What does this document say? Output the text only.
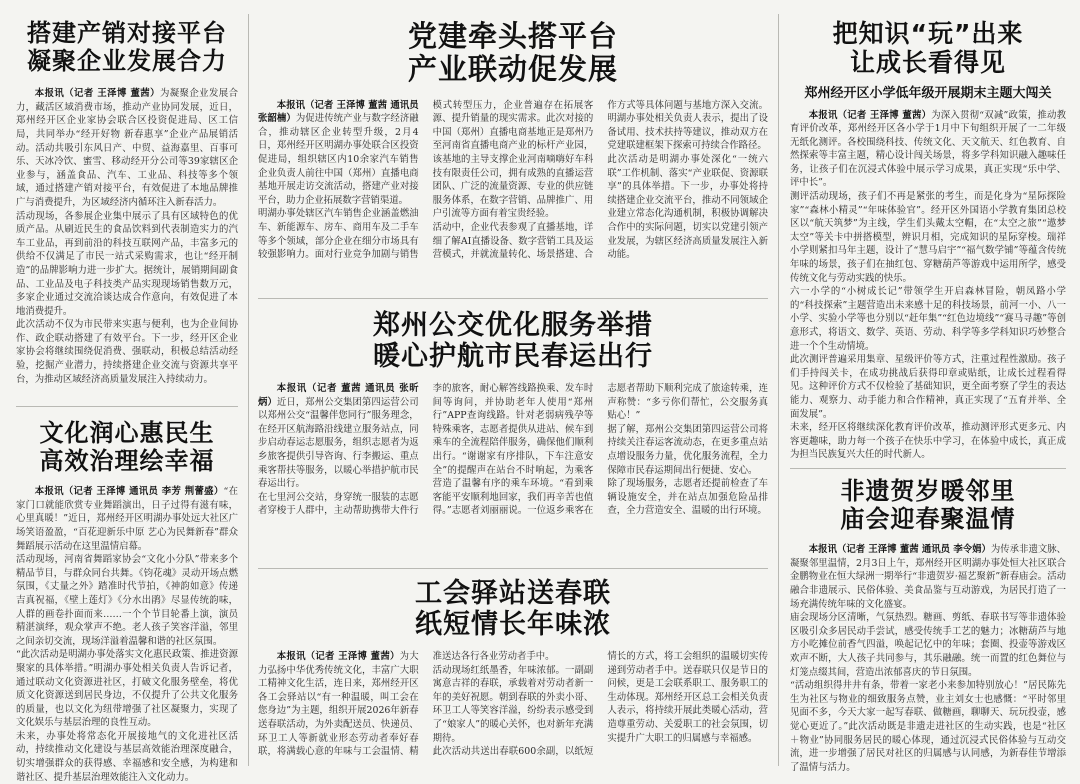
搭建产销对接平台
凝聚企业发展合力

本报讯（记者 王泽博 董茜）为凝聚企业发展合力，藏活区域消费市场，推动产业协同发展，近日，郑州经开区企业家协会联合区投资促进局、区工信局，共同举办“经开好物 新春惠享”企业产品展销活动。活动共吸引东风日产、中贸、益海嘉里、百事可乐、天冰冷饮、蜜雪、移动经开分公司等39家辖区企业参与，涵盖食品、汽车、工业品、科技等多个领域，通过搭建产销对接平台，有效促进了本地品牌推广与消费提升，为区域经济内循环注入新春活力。
活动现场，各参展企业集中展示了具有区域特色的优质产品。从刷近民生的食品饮料到代表制造实力的汽车工业品，再到前沿的科技互联网产品，丰富多元的供给不仅满足了市民一站式采购需求，也让“经开制造”的品牌影响力进一步扩大。据统计，展销期间副食品、工业品及电子科技类产品实现现场销售数万元，多家企业通过交流洽谈达成合作意向，有效促进了本地消费提升。
此次活动不仅为市民带来实惠与便利，也为企业间协作、政企联动搭建了有效平台。下一步，经开区企业家协会将继续围绕促消费、强联动，积极总结活动经验，挖掘产业潜力，持续搭建企业交流与资源共享平台，为推动区域经济高质量发展注入持续动力。

文化润心惠民生
高效治理绘幸福

本报讯（记者 王泽博 通讯员 李芳 荆蕾盛）“在家门口就能欣赏专业舞蹈演出，日子过得有滋有味，心里真暖！”近日，郑州经开区明湖办事处远大社区广场笑语盈盈，“百花迎新乐中原 艺心为民舞新春”群众舞蹈展示活动在这里温情启幕。
活动现场，河南省舞蹈家协会“文化小分队”带来多个精品节目，与群众同台共舞。《钧花魂》灵动开场点燃氛围，《丈量之外》踏准时代节拍，《神韵如意》传递吉真祝福，《壁上莲灯》《分水出鹃》尽显传统韵味，人群的画卷扑面而来……一个个节目轮番上演，演员精湛演绎，观众掌声不绝。老人孩子笑容洋溢，邻里之间亲切交流，现场洋溢着温馨和谐的社区氛围。
“此次活动是明湖办事处落实文化惠民政策、推进资源聚家的具体举措。”明湖办事处相关负责人告诉记者，通过联动文化资源进社区，打破文化服务壁垒，将优质文化资源送到居民身边，不仅提升了公共文化服务的质量，也以文化为纽带增强了社区凝聚力，实现了文化娱乐与基层治理的良性互动。
未来，办事处将常态化开展接地气的文化进社区活动，持续推动文化建设与基层高效能治理深度融合，切实增强群众的获得感、幸福感和安全感，为构建和谐社区、提升基层治理效能注入文化动力。

党建牵头搭平台
产业联动促发展

本报讯（记者 王泽博 董茜 通讯员 张韶楠）为促进传统产业与数字经济融合，推动辖区企业转型升级，2月4日，郑州经开区明湖办事处联合区投资促进局，组织辖区内10余家汽车销售企业负责人前往中国（郑州）直播电商基地开展走访交流活动，搭建产业对接平台，助力企业拓展数字营销渠道。
明湖办事处辖区汽车销售企业涵盖燃油车、新能源车、房车、商用车及二手车等多个领域，部分企业在细分市场具有较强影响力。面对行业竞争加剧与销售模式转型压力，企业普遍存在拓展客源、提升销量的现实需求。此次对接的中国（郑州）直播电商基地正是郑州乃至河南省直播电商产业的标杆产业园，该基地的主导支撑企业河南嘀嗨好车科技有限责任公司，拥有成熟的直播运营团队、广泛的流量资源、专业的供应链服务体系，在数字营销、品牌推广、用户引流等方面有着宝贵经验。
活动中，企业代表参观了直播基地，详细了解AI直播设备、数字营销工具及运营模式，并就流量转化、场景搭建、合作方式等具体问题与基地方深入交流。明湖办事处相关负责人表示，提出了设备试用、技术扶持等建议，推动双方在党建联建框架下探索可持续合作路径。
此次活动是明湖办事处深化“一统六联”工作机制、落实“产业联促、资源联享”的具体举措。下一步，办事处将持续搭建企业交流平台，推动不同领域企业建立常态化沟通机制，积极协调解决合作中的实际问题，切实以党建引领产业发展，为辖区经济高质量发展注入新动能。

郑州公交优化服务举措
暖心护航市民春运出行

本报讯（记者 董茜 通讯员 张昕炳）近日，郑州公交集团第四运营公司以郑州公交“温馨伴您同行”服务理念，在经开区航海路沿线建立服务站点，同步启动春运志愿服务，组织志愿者为返乡旅客提供引导咨询、行李搬运、重点乘客帮扶等服务，以暖心举措护航市民春运出行。
在七里河公交站，身穿统一服装的志愿者穿梭于人群中，主动帮助携带大件行李的旅客，耐心解答线路换乘、发车时间等询问，并协助老年人使用“郑州行”APP查询线路。针对老弱病残孕等特殊乘客，志愿者提供从进站、候车到乘车的全流程陪伴服务，确保他们顺利出行。“谢谢家有序排队，下车注意安全”的提醒声在站台不时响起，为乘客营造了温馨有序的乘车环境。“看到乘客能平安顺利地回家，我们再辛苦也值得。”志愿者刘丽丽说。一位返乡乘客在志愿者帮助下顺利完成了旅途转乘，连声称赞：“多亏你们帮忙，公交服务真贴心！”
据了解，郑州公交集团第四运营公司将持续关注春运客流动态，在更多重点站点增设服务力量，优化服务流程，全力保障市民春运期间出行便捷、安心。
除了现场服务，志愿者还提前检查了车辆设施安全，并在站点加强危险品排查，全力营造安全、温暖的出行环境。

工会驿站送春联
纸短情长年味浓

本报讯（记者 王泽博 董茜）为大力弘扬中华优秀传统文化，丰富广大职工精神文化生活，连日来，郑州经开区各工会驿站以“有一种温暖，叫工会在您身边”为主题，组织开展2026年新春送春联活动，为外卖配送员、快递员、环卫工人等新就业形态劳动者奉好春联，将满载心意的年味与工会温情、精准送达各行各业劳动者手中。
活动现场红纸墨香，年味浓郁。一副副寓意吉祥的春联，承载着对劳动者新一年的美好祝愿。朝到春联的外卖小哥、环卫工人等笑容洋溢，纷纷表示感受到了“娘家人”的暖心关怀，也对新年充满期待。
此次活动共送出春联600余副，以纸短情长的方式，将工会组织的温暖切实传递到劳动者手中。送春联只仅是节日的问候，更是工会联系职工、服务职工的生动体现。郑州经开区总工会相关负责人表示，将持续开展此类暖心活动，营造尊重劳动、关爱职工的社会氛围，切实提升广大职工的归属感与幸福感。

把知识“玩”出来
让成长看得见
郑州经开区小学低年级开展期末主题大闯关

本报讯（记者 王泽博 董茜）为深入贯彻“双减”政策，推动教育评价改革，郑州经开区各小学于1月中下旬组织开展了一二年级无纸化测评。各校围绕科技、传统文化、天文航天、红色教育、自然探索等丰富主题，精心设计闯关场景，将多学科知识融入趣味任务，让孩子们在沉浸式体验中展示学习成果，真正实现“乐中学、评中长”。
测评活动现场，孩子们不再是紧张的考生，而是化身为“星际探险家”“森林小精灵”“年味体验官”。经开区外国语小学教育集团总校区以“航天筑梦”为主线，学生们头戴太空帽，在“太空之旅”“遨梦太空”等关卡中拼搭模型，辨识月相，完成知识的星际穿梭。瑞祥小学则紧扣马年主题，设计了“慧马启宇”“福气数学铺”等蕴含传统年味的场景，孩子们在抽红包、穿糖葫芦等游戏中运用所学，感受传统文化与劳动实践的快乐。
六一小学的“小树成长记”带领学生开启森林冒险，朝凤路小学的“科技探索”主题营造出未来感十足的科技场景，前河一小、八一小学、实验小学等也分别以“赶年集”“红色边境线”“赛马寻趣”等创意形式，将语文、数学、英语、劳动、科学等多学科知识巧妙整合进一个个生动情境。
此次测评普遍采用集章、星级评价等方式，注重过程性激励。孩子们手持闯关卡，在成功挑战后获得印章或贴纸，让成长过程看得见。这种评价方式不仅检验了基础知识，更全面考察了学生的表达能力、观察力、动手能力和合作精神，真正实现了“五育并举、全面发展”。
未来，经开区将继续深化教育评价改革，推动测评形式更多元、内容更趣味，助力每一个孩子在快乐中学习，在体验中成长，真正成为担当民族复兴大任的时代新人。

非遗贺岁暖邻里
庙会迎春聚温情

本报讯（记者 王泽博 董茜 通讯员 李令娟）为传承非遗文脉、凝聚邻里温情，2月3日上午，郑州经开区明湖办事处恒大社区联合金鹏物业在恒大绿洲一期举行“非遗贺岁·福艺聚新”新春庙会。活动融合非遗展示、民俗体验、美食品鉴与互动游戏，为居民打造了一场充满传统年味的文化盛宴。
庙会现场分区清晰，气氛热烈。糖画、剪纸、春联书写等非遗体验区吸引众多居民动手尝试，感受传统手工艺的魅力；冰糖葫芦与地方小吃摊位前香气四溢，唤起记忆中的年味；套圈、投壶等游戏区欢声不断，大人孩子共同参与，其乐融融。统一而置的红色舞位与灯笼点缀其间，营造出浓郁喜庆的节日氛围。
“活动组织得井井有条，带着一家老小来参加特别放心！”居民陈先生为社区与物业的细致服务点赞，业主刘女士也感慨：“平时邻里见面不多，今天大家一起写春联、做糖画，聊聊天、玩玩投壶，感觉心更近了。”此次活动既是非遗走进社区的生动实践，也是“社区＋物业”协同服务居民的暖心体现，通过沉浸式民俗体验与互动交流，进一步增强了居民对社区的归属感与认同感，为新春佳节增添了温情与活力。
